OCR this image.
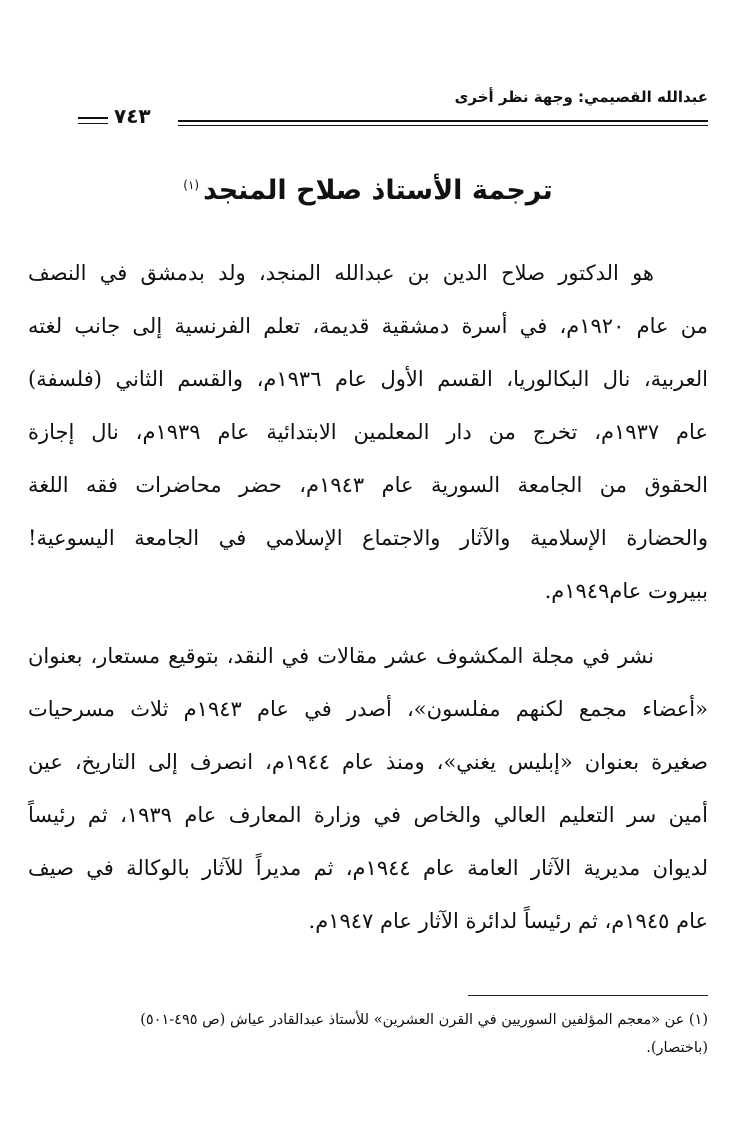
عبدالله القصيمي: وجهة نظر أخرى
٧٤٣
ترجمة الأستاذ صلاح المنجد$^{(١)}$
هو الدكتور صلاح الدين بن عبدالله المنجد، ولد بدمشق في النصف
من عام ١٩٢٠م، في أسرة دمشقية قديمة، تعلم الفرنسية إلى جانب لغته
العربية، نال البكالوريا، القسم الأول عام ١٩٣٦م، والقسم الثاني (فلسفة)
عام ١٩٣٧م، تخرج من دار المعلمين الابتدائية عام ١٩٣٩م، نال إجازة
الحقوق من الجامعة السورية عام ١٩٤٣م، حضر محاضرات فقه اللغة
والحضارة الإسلامية والآثار والاجتماع الإسلامي في الجامعة اليسوعية!
ببيروت عام١٩٤٩م.
نشر في مجلة المكشوف عشر مقالات في النقد، بتوقيع مستعار، بعنوان
«أعضاء مجمع لكنهم مفلسون»، أصدر في عام ١٩٤٣م ثلاث مسرحيات
صغيرة بعنوان «إبليس يغني»، ومنذ عام ١٩٤٤م، انصرف إلى التاريخ، عين
أمين سر التعليم العالي والخاص في وزارة المعارف عام ١٩٣٩، ثم رئيساً
لديوان مديرية الآثار العامة عام ١٩٤٤م، ثم مديراً للآثار بالوكالة في صيف
عام ١٩٤٥م، ثم رئيساً لدائرة الآثار عام ١٩٤٧م.
(١) عن «معجم المؤلفين السوريين في القرن العشرين» للأستاذ عبدالقادر عياش (ص ٤٩٥-٥٠١)
(باختصار).
